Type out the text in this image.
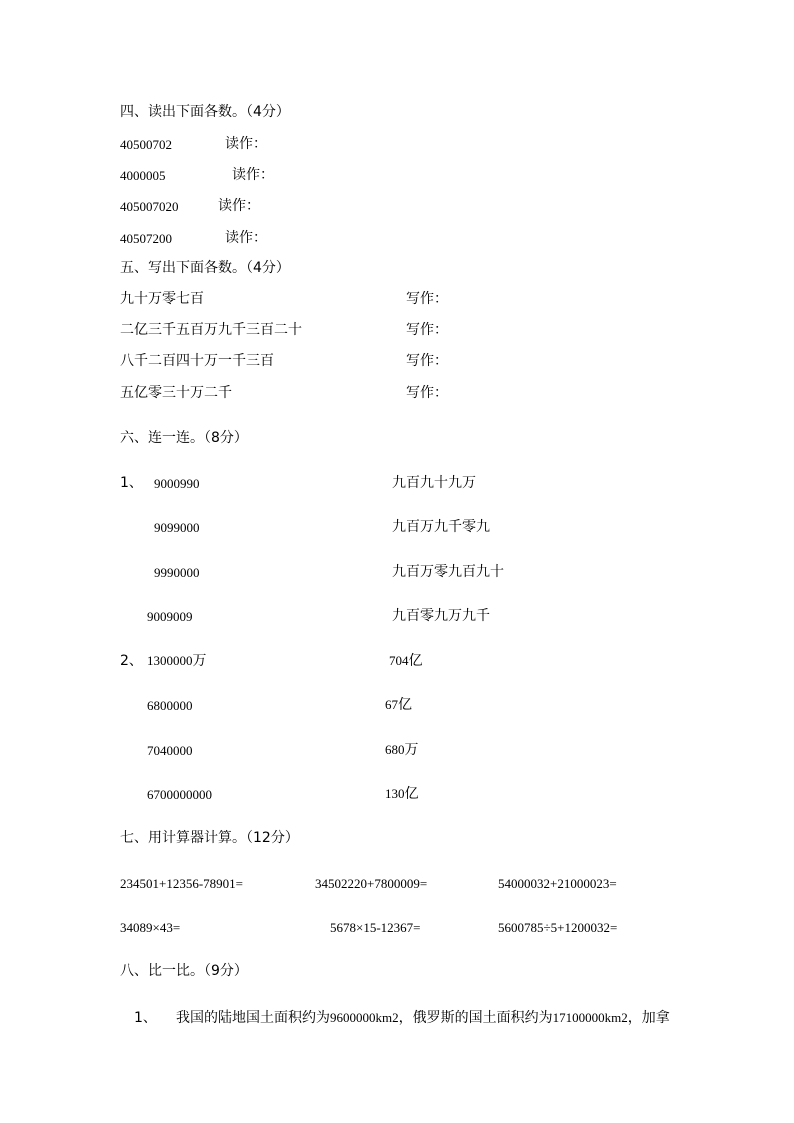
四、读出下面各数。（4分）
40500702	读作：
4000005	读作：
405007020	读作：
40507200	读作：
五、写出下面各数。（4分）
九十万零七百	写作：
二亿三千五百万九千三百二十	写作：
八千二百四十万一千三百	写作：
五亿零三十万二千	写作：
六、连一连。（8分）
1、 9000990	九百九十九万
9099000	九百万九千零九
9990000	九百万零九百九十
9009009	九百零九万九千
2、 1300000万	704亿
6800000	67亿
7040000	680万
6700000000	130亿
七、用计算器计算。（12分）
234501+12356-78901=	34502220+7800009=	54000032+21000023=
34089×43=	5678×15-12367=	5600785÷5+1200032=
八、比一比。（9分）
1、 我国的陆地国土面积约为9600000km2，俄罗斯的国土面积约为17100000km2，加拿
